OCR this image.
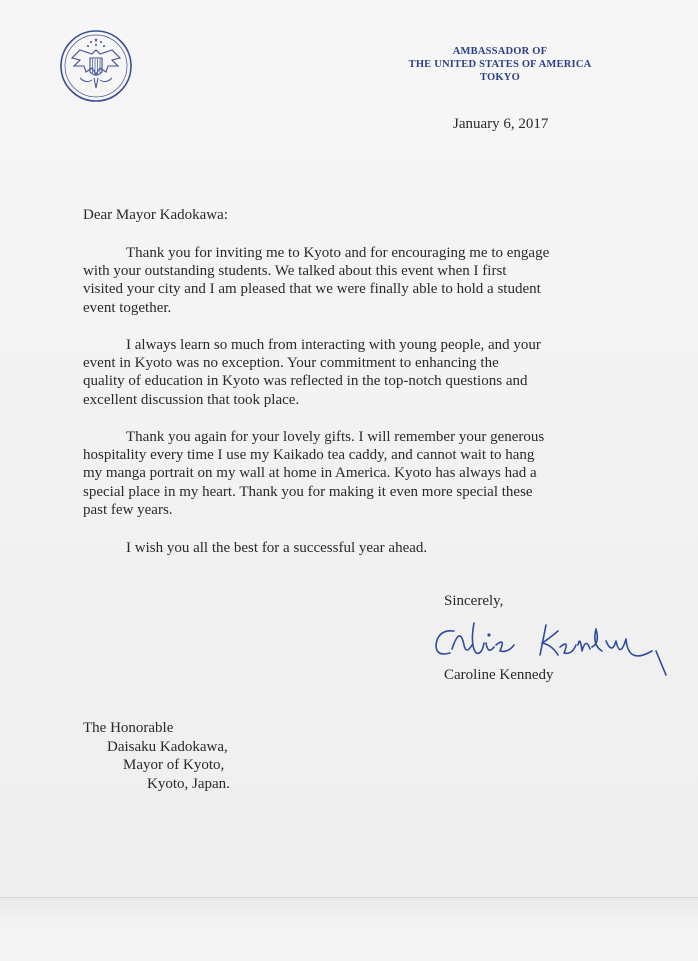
AMBASSADOR OF
THE UNITED STATES OF AMERICA
TOKYO
January 6, 2017
Dear Mayor Kadokawa:
Thank you for inviting me to Kyoto and for encouraging me to engage
with your outstanding students. We talked about this event when I first
visited your city and I am pleased that we were finally able to hold a student
event together.
I always learn so much from interacting with young people, and your
event in Kyoto was no exception. Your commitment to enhancing the
quality of education in Kyoto was reflected in the top-notch questions and
excellent discussion that took place.
Thank you again for your lovely gifts. I will remember your generous
hospitality every time I use my Kaikado tea caddy, and cannot wait to hang
my manga portrait on my wall at home in America. Kyoto has always had a
special place in my heart. Thank you for making it even more special these
past few years.
I wish you all the best for a successful year ahead.
Sincerely,
Caroline Kennedy
The Honorable
Daisaku Kadokawa,
Mayor of Kyoto,
Kyoto, Japan.
